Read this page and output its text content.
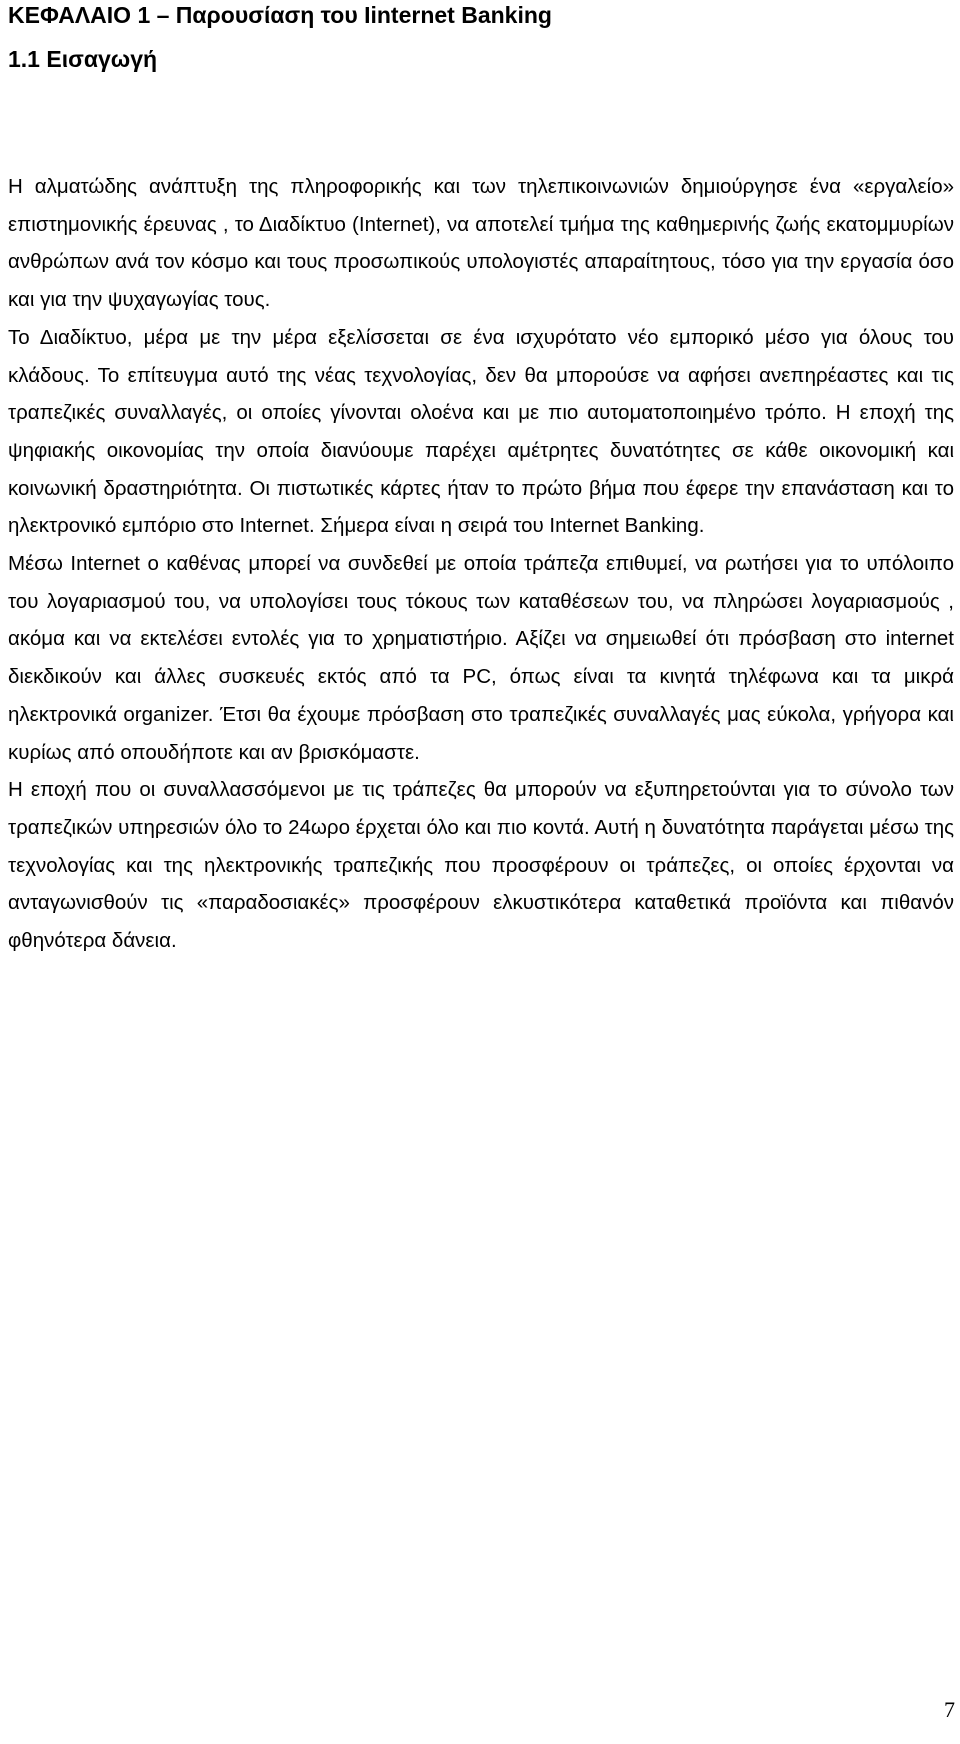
ΚΕΦΑΛΑΙΟ 1 – Παρουσίαση του Iinternet Banking
1.1 Εισαγωγή

Η αλματώδης ανάπτυξη της πληροφορικής και των τηλεπικοινωνιών δημιούργησε ένα «εργαλείο» επιστημονικής έρευνας , το Διαδίκτυο (Internet), να αποτελεί τμήμα της καθημερινής ζωής εκατομμυρίων ανθρώπων ανά τον κόσμο και τους προσωπικούς υπολογιστές απαραίτητους, τόσο για την εργασία όσο και για την ψυχαγωγίας τους.

Το Διαδίκτυο, μέρα με την μέρα εξελίσσεται σε ένα ισχυρότατο νέο εμπορικό μέσο για όλους του κλάδους. Το επίτευγμα αυτό της νέας τεχνολογίας, δεν θα μπορούσε να αφήσει ανεπηρέαστες και τις τραπεζικές συναλλαγές, οι οποίες γίνονται ολοένα και με πιο αυτοματοποιημένο τρόπο. Η εποχή της ψηφιακής οικονομίας την οποία διανύουμε παρέχει αμέτρητες δυνατότητες σε κάθε οικονομική και κοινωνική δραστηριότητα. Οι πιστωτικές κάρτες ήταν το πρώτο βήμα που έφερε την επανάσταση και το ηλεκτρονικό εμπόριο στο Internet. Σήμερα είναι η σειρά του Internet Banking.

Μέσω Internet ο καθένας μπορεί να συνδεθεί με οποία τράπεζα επιθυμεί, να ρωτήσει για το υπόλοιπο του λογαριασμού του, να υπολογίσει τους τόκους των καταθέσεων του, να πληρώσει λογαριασμούς , ακόμα και να εκτελέσει εντολές για το χρηματιστήριο. Αξίζει να σημειωθεί ότι πρόσβαση στο internet διεκδικούν και άλλες συσκευές εκτός από τα PC, όπως είναι τα κινητά τηλέφωνα και τα μικρά ηλεκτρονικά organizer. Έτσι θα έχουμε πρόσβαση στο τραπεζικές συναλλαγές μας εύκολα, γρήγορα και κυρίως από οπουδήποτε και αν βρισκόμαστε.

Η εποχή που οι συναλλασσόμενοι με τις τράπεζες θα μπορούν να εξυπηρετούνται για το σύνολο των τραπεζικών υπηρεσιών όλο το 24ωρο έρχεται όλο και πιο κοντά. Αυτή η δυνατότητα παράγεται μέσω της τεχνολογίας και της ηλεκτρονικής τραπεζικής που προσφέρουν οι τράπεζες, οι οποίες έρχονται να ανταγωνισθούν τις «παραδοσιακές» προσφέρουν ελκυστικότερα καταθετικά προϊόντα και πιθανόν φθηνότερα δάνεια.

7
